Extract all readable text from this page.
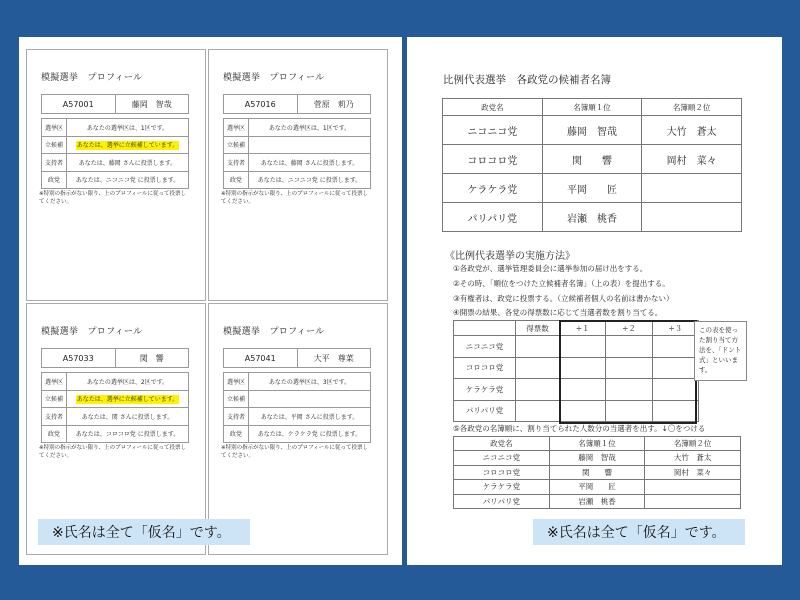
模擬選挙　プロフィール
A57001	藤岡　智哉
選挙区	あなたの選挙区は、1区です。
立候補	あなたは、選挙に立候補しています。
支持者	あなたは、藤岡 さんに投票します。
政党	あなたは、ニコニコ党 に投票します。
※特別の指示がない限り、上のプロフィールに従って投票してください。
模擬選挙　プロフィール
A57016	菅原　莉乃
選挙区	あなたの選挙区は、1区です。
立候補	
支持者	あなたは、藤岡 さんに投票します。
政党	あなたは、ニコニコ党 に投票します。
※特別の指示がない限り、上のプロフィールに従って投票してください。
模擬選挙　プロフィール
A57033	関　響
選挙区	あなたの選挙区は、2区です。
立候補	あなたは、選挙に立候補しています。
支持者	あなたは、関 さんに投票します。
政党	あなたは、コロコロ党 に投票します。
※特別の指示がない限り、上のプロフィールに従って投票してください。
模擬選挙　プロフィール
A57041	大平　尊菜
選挙区	あなたの選挙区は、3区です。
立候補	
支持者	あなたは、平岡 さんに投票します。
政党	あなたは、ケラケラ党 に投票します。
※特別の指示がない限り、上のプロフィールに従って投票してください。
※氏名は全て「仮名」です。
比例代表選挙　各政党の候補者名簿
政党名	名簿順１位	名簿順２位
ニコニコ党	藤岡　智哉	大竹　蒼太
コロコロ党	関　　響	岡村　菜々
ケラケラ党	平岡　　匠	
パリパリ党	岩瀬　桃香	
《比例代表選挙の実施方法》
①各政党が、選挙管理委員会に選挙参加の届け出をする。
②その時、「順位をつけた立候補者名簿」（上の表）を提出する。
③有権者は、政党に投票する。（立候補者個人の名前は書かない）
④開票の結果、各党の得票数に応じて当選者数を割り当てる。
	得票数	÷１	÷２	÷３
ニコニコ党				
コロコロ党				
ケラケラ党				
パリパリ党				
この表を使った割り当て方法を、「ドント式」といいます。
⑤各政党の名簿順に、割り当てられた人数分の当選者を出す。↓〇をつける
政党名	名簿順１位	名簿順２位
ニコニコ党	藤岡　智哉	大竹　蒼太
コロコロ党	関　　響	岡村　菜々
ケラケラ党	平岡　　匠	
パリパリ党	岩瀬　桃香	
※氏名は全て「仮名」です。
